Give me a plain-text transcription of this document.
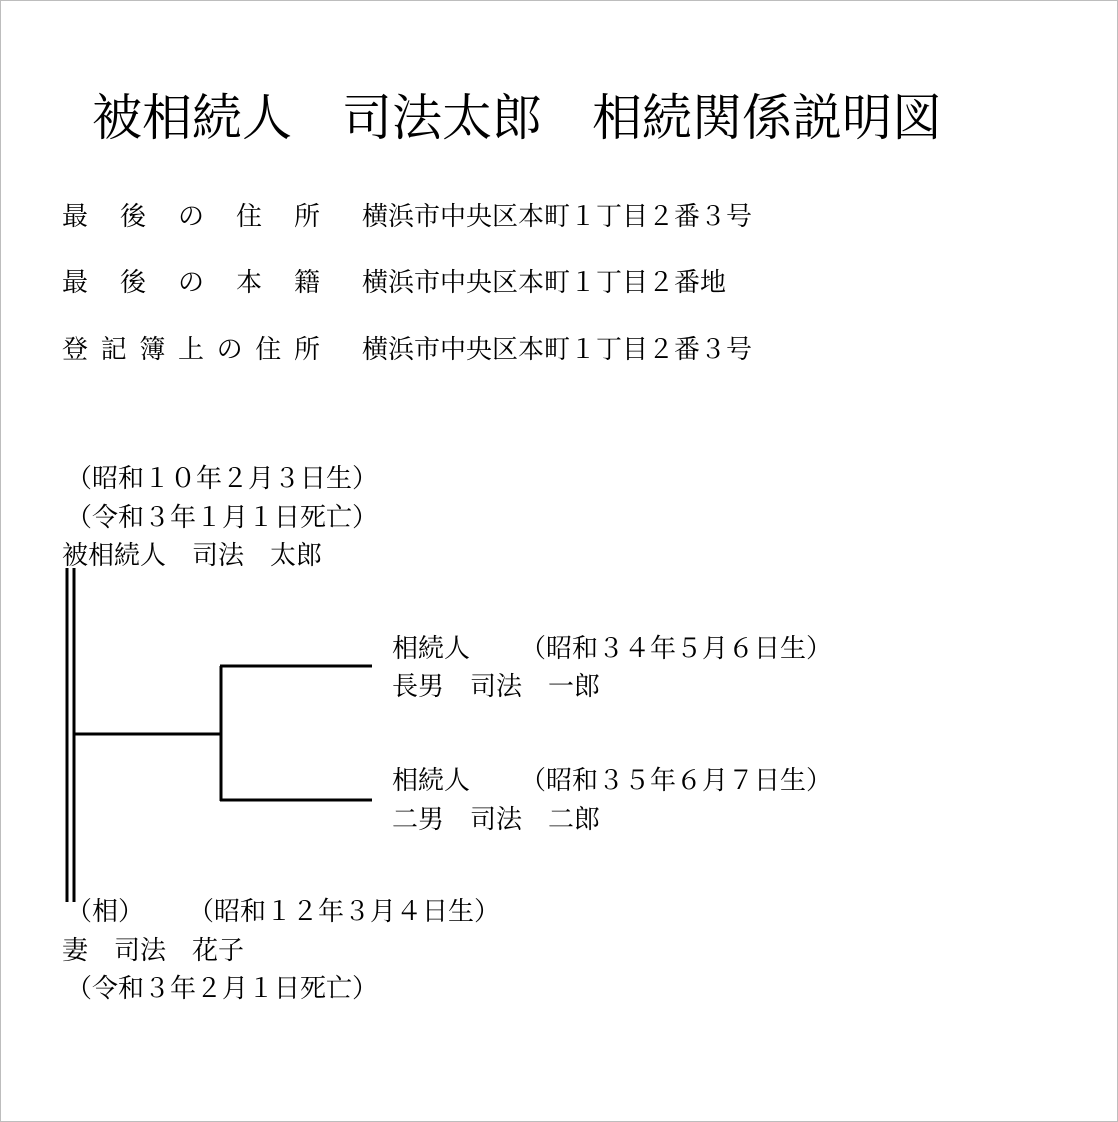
被相続人　司法太郎　相続関係説明図

最 後 の 住 所

横浜市中央区本町１丁目２番３号

最 後 の 本 籍

横浜市中央区本町１丁目２番地

登 記 簿 上 の 住 所

横浜市中央区本町１丁目２番３号

（昭和１０年２月３日生）
（令和３年１月１日死亡）
被相続人　司法　太郎
相続人 （昭和３４年５月６日生）
長男　司法　一郎
相続人 （昭和３５年６月７日生）
二男　司法　二郎
（相） （昭和１２年３月４日生）
妻　司法　花子
（令和３年２月１日死亡）
